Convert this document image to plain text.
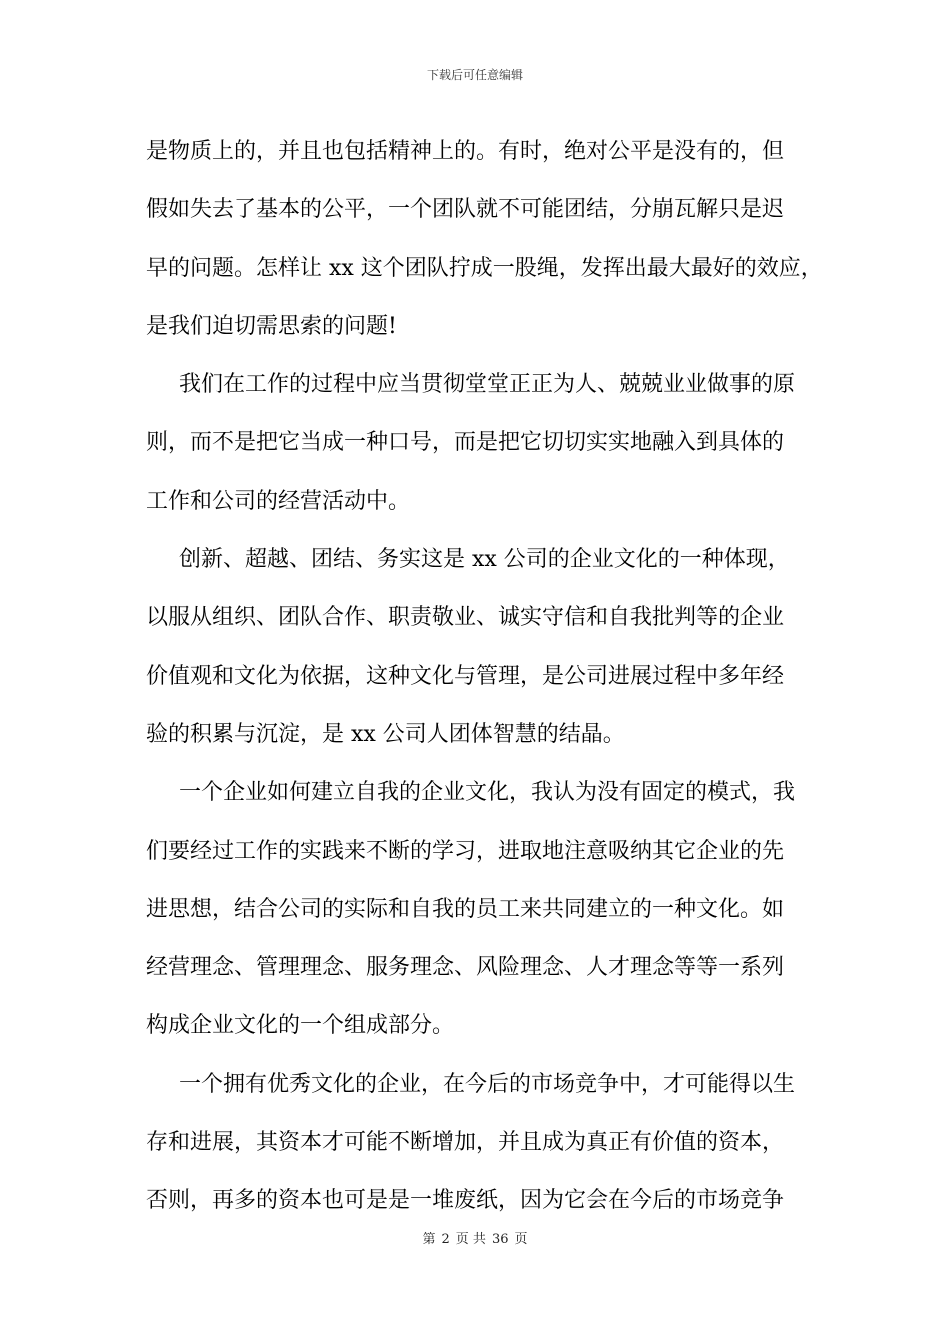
下载后可任意编辑
是物质上的，并且也包括精神上的。有时，绝对公平是没有的，但
假如失去了基本的公平，一个团队就不可能团结，分崩瓦解只是迟
早的问题。怎样让 xx 这个团队拧成一股绳，发挥出最大最好的效应，
是我们迫切需思索的问题!
我们在工作的过程中应当贯彻堂堂正正为人、兢兢业业做事的原
则，而不是把它当成一种口号，而是把它切切实实地融入到具体的
工作和公司的经营活动中。
创新、超越、团结、务实这是 xx 公司的企业文化的一种体现，
以服从组织、团队合作、职责敬业、诚实守信和自我批判等的企业
价值观和文化为依据，这种文化与管理，是公司进展过程中多年经
验的积累与沉淀，是 xx 公司人团体智慧的结晶。
一个企业如何建立自我的企业文化，我认为没有固定的模式，我
们要经过工作的实践来不断的学习，进取地注意吸纳其它企业的先
进思想，结合公司的实际和自我的员工来共同建立的一种文化。如
经营理念、管理理念、服务理念、风险理念、人才理念等等一系列
构成企业文化的一个组成部分。
一个拥有优秀文化的企业，在今后的市场竞争中，才可能得以生
存和进展，其资本才可能不断增加，并且成为真正有价值的资本，
否则，再多的资本也可是是一堆废纸，因为它会在今后的市场竞争
第 2 页 共 36 页
